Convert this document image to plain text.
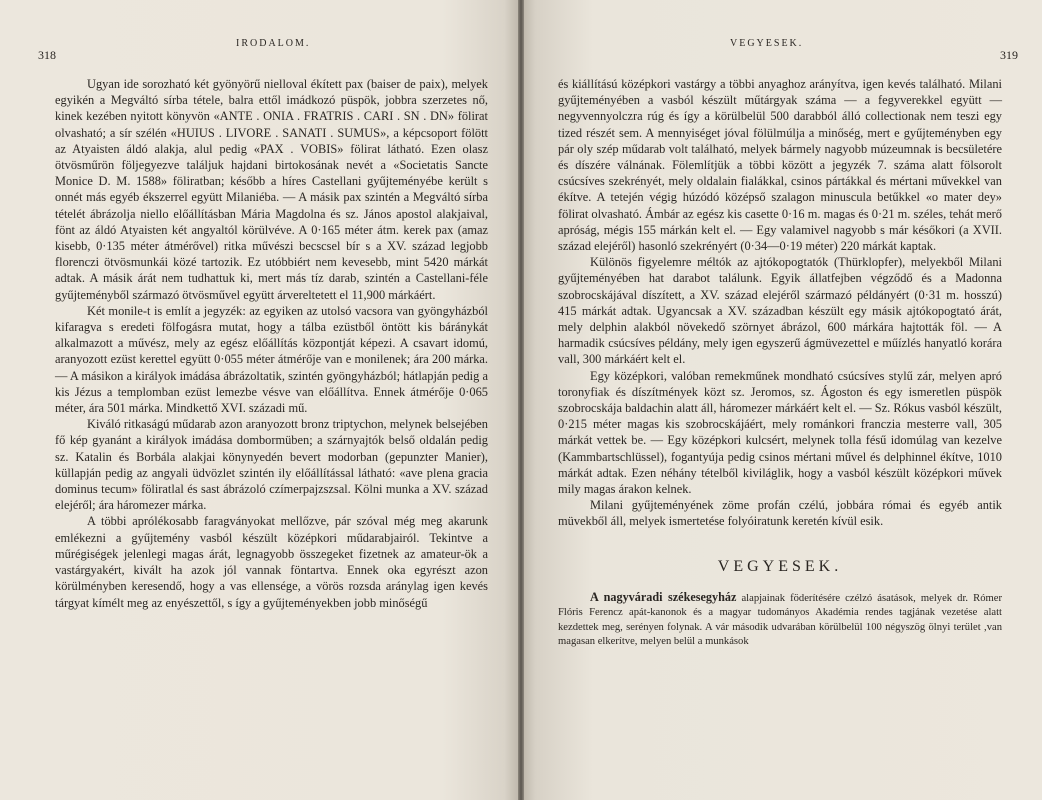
318
IRODALOM.

Ugyan ide sorozható két gyönyörű nielloval ékített pax (baiser de paix), melyek egyikén a Megváltó sírba tétele, balra ettől imádkozó püspök, jobbra szerzetes nő, kinek kezében nyitott könyvön «ANTE . ONIA . FRATRIS . CARI . SN . DN» fölirat olvasható; a sír szélén «HUIUS . LIVORE . SANATI . SUMUS», a képcsoport fölött az Atyaisten áldó alakja, alul pedig «PAX . VOBIS» fölirat látható. Ezen olasz ötvösműrön följegyezve találjuk hajdani birtokosának nevét a «Societatis Sancte Monice D. M. 1588» föliratban; később a híres Castellani gyűjteményébe került s onnét más egyéb ékszerrel együtt Milaniéba. — A másik pax szintén a Megváltó sírba tételét ábrázolja niello előállításban Mária Magdolna és sz. János apostol alakjaival, fönt az áldó Atyaisten két angyaltól körülvéve. A 0·165 méter átm. kerek pax (amaz kisebb, 0·135 méter átmérővel) ritka művészi becscsel bír s a XV. század legjobb florenczi ötvösmunkái közé tartozik. Ez utóbbiért nem kevesebb, mint 5420 márkát adtak. A másik árát nem tudhattuk ki, mert más tíz darab, szintén a Castellani-féle gyűjteményből származó ötvösművel együtt árvereltetett el 11,900 márkáért.

Két monile-t is említ a jegyzék: az egyiken az utolsó vacsora van gyöngyházból kifaragva s eredeti fölfogásra mutat, hogy a tálba ezüstből öntött kis báránykát alkalmazott a művész, mely az egész előállítás központját képezi. A csavart idomú, aranyozott ezüst kerettel együtt 0·055 méter átmérője van e monilenek; ára 200 márka. — A másikon a királyok imádása ábrázoltatik, szintén gyöngyházból; hátlapján pedig a kis Jézus a templomban ezüst lemezbe vésve van előállítva. Ennek átmérője 0·065 méter, ára 501 márka. Mindkettő XVI. századi mű.

Kiváló ritkaságú műdarab azon aranyozott bronz triptychon, melynek belsejében fő kép gyanánt a királyok imádása dombormüben; a szárnyajtók belső oldalán pedig sz. Katalin és Borbála alakjai könynyedén bevert modorban (gepunzter Manier), küllapján pedig az angyali üdvözlet szintén ily előállítással látható: «ave plena gracia dominus tecum» föliratlal és sast ábrázoló czímerpajzszsal. Kölni munka a XV. század elejéről; ára háromezer márka.

A többi aprólékosabb faragványokat mellőzve, pár szóval még meg akarunk emlékezni a gyűjtemény vasból készült középkori műdarabjairól. Tekintve a műrégiségek jelenlegi magas árát, legnagyobb összegeket fizetnek az amateur-ök a vastárgyakért, kivált ha azok jól vannak föntartva. Ennek oka egyrészt azon körülményben keresendő, hogy a vas ellensége, a vörös rozsda aránylag igen kevés tárgyat kímélt meg az enyészettől, s így a gyűjteményekben jobb minőségű

VEGYESEK.
319

és kiállítású középkori vastárgy a többi anyaghoz arányítva, igen kevés található. Milani gyűjteményében a vasból készült műtárgyak száma — a fegyverekkel együtt — negyvennyolczra rúg és így a körülbelül 500 darabból álló collectionak nem teszi egy tized részét sem. A mennyiséget jóval fölülmúlja a minőség, mert e gyűjteményben egy pár oly szép műdarab volt található, melyek bármely nagyobb múzeumnak is becsületére és díszére válnának. Fölemlítjük a többi között a jegyzék 7. száma alatt fölsorolt csúcsíves szekrényét, mely oldalain fialákkal, csinos pártákkal és mértani művekkel van ékítve. A tetején végig húzódó középső szalagon minuscula betűkkel «o mater dey» fölirat olvasható. Ámbár az egész kis casette 0·16 m. magas és 0·21 m. széles, tehát merő apróság, mégis 155 márkán kelt el. — Egy valamivel nagyobb s már későkori (a XVII. század elejéről) hasonló szekrényért (0·34—0·19 méter) 220 márkát kaptak.

Különös figyelemre méltók az ajtókopogtatók (Thürklopfer), melyekből Milani gyűjteményében hat darabot találunk. Egyik állatfejben végződő és a Madonna szobrocskájával díszített, a XV. század elejéről származó példányért (0·31 m. hosszú) 415 márkát adtak. Ugyancsak a XV. században készült egy másik ajtókopogtató árát, mely delphin alakból növekedő szörnyet ábrázol, 600 márkára hajtották föl. — A harmadik csúcsíves példány, mely igen egyszerű ágmüvezettel e műízlés hanyatló korára vall, 300 márkáért kelt el.

Egy középkori, valóban remekműnek mondható csúcsíves stylű zár, melyen apró toronyfiak és díszítmények közt sz. Jeromos, sz. Ágoston és egy ismeretlen püspök szobrocskája baldachin alatt áll, háromezer márkáért kelt el. — Sz. Rókus vasból készült, 0·215 méter magas kis szobrocskájáért, mely románkori franczia mesterre vall, 305 márkát vettek be. — Egy középkori kulcsért, melynek tolla fésű idomúlag van kezelve (Kammbartschlüssel), fogantyúja pedig csinos mértani művel és delphinnel ékítve, 1010 márkát adtak. Ezen néhány tételből kiviláglik, hogy a vasból készült középkori művek mily magas árakon kelnek.

Milani gyűjteményének zöme profán czélú, jobbára római és egyéb antik müvekből áll, melyek ismertetése folyóiratunk keretén kívül esik.

VEGYESEK.

A nagyváradi székesegyház alapjainak föderítésére czélzó ásatások, melyek dr. Rómer Flóris Ferencz apát-kanonok és a magyar tudományos Akadémia rendes tagjának vezetése alatt kezdettek meg, serényen folynak. A vár második udvarában körülbelül 100 négyszög ölnyi terület ,van magasan elkerítve, melyen belül a munkások
